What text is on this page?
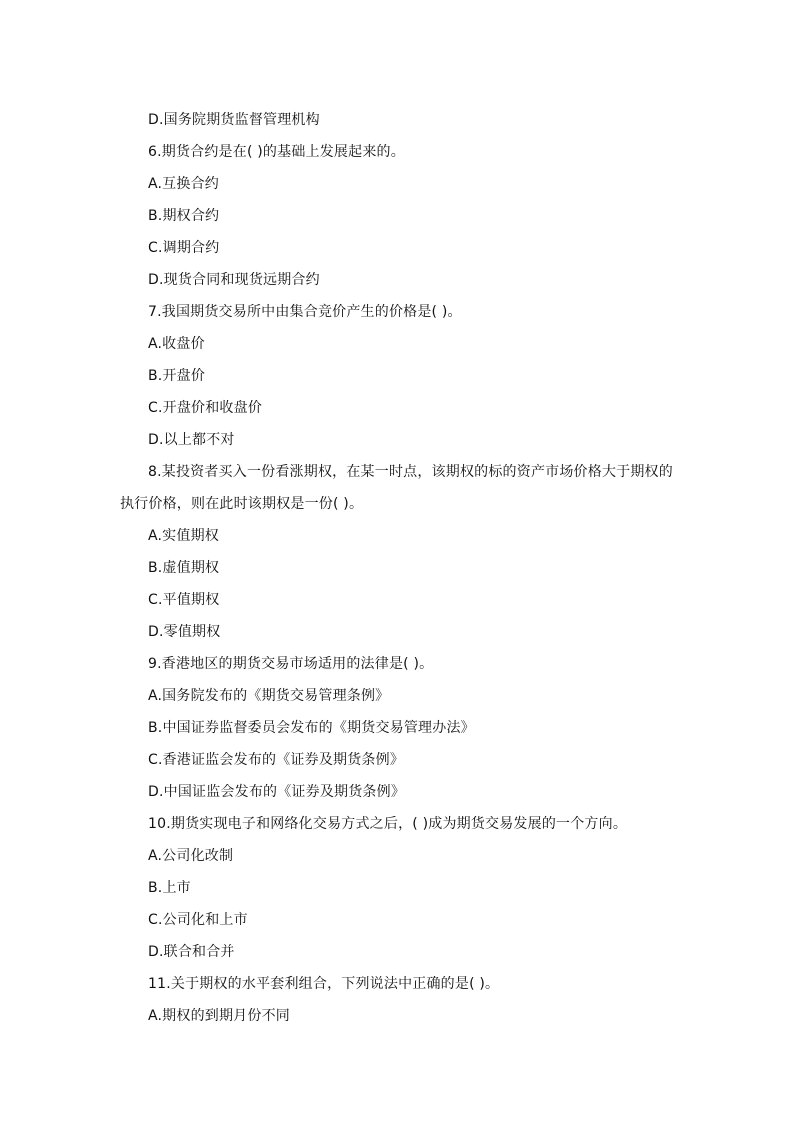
D.国务院期货监督管理机构
6.期货合约是在( )的基础上发展起来的。
A.互换合约
B.期权合约
C.调期合约
D.现货合同和现货远期合约
7.我国期货交易所中由集合竞价产生的价格是( )。
A.收盘价
B.开盘价
C.开盘价和收盘价
D.以上都不对
8.某投资者买入一份看涨期权，在某一时点，该期权的标的资产市场价格大于期权的
执行价格，则在此时该期权是一份( )。
A.实值期权
B.虚值期权
C.平值期权
D.零值期权
9.香港地区的期货交易市场适用的法律是( )。
A.国务院发布的《期货交易管理条例》
B.中国证券监督委员会发布的《期货交易管理办法》
C.香港证监会发布的《证券及期货条例》
D.中国证监会发布的《证券及期货条例》
10.期货实现电子和网络化交易方式之后，( )成为期货交易发展的一个方向。
A.公司化改制
B.上市
C.公司化和上市
D.联合和合并
11.关于期权的水平套利组合，下列说法中正确的是( )。
A.期权的到期月份不同
